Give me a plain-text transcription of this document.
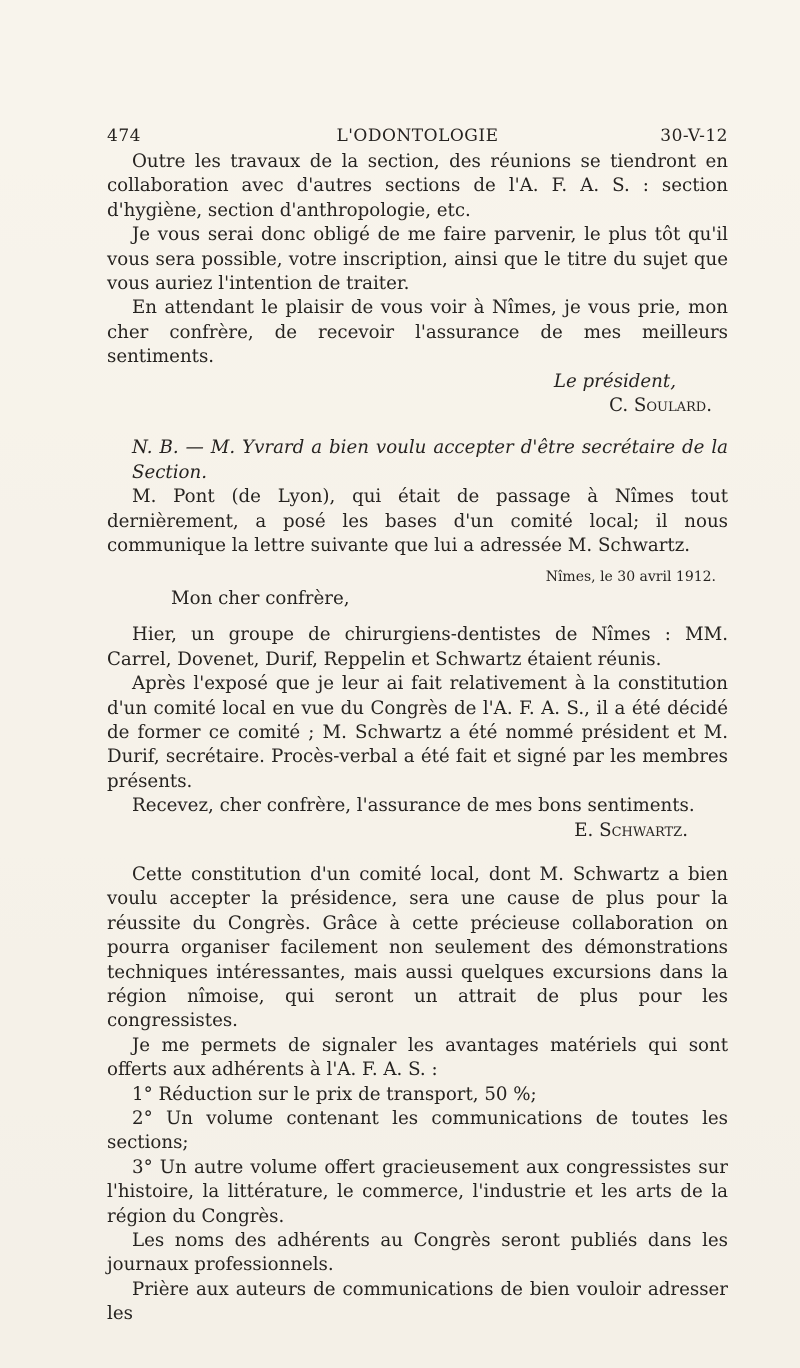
474	L'ODONTOLOGIE	30-V-12

Outre les travaux de la section, des réunions se tiendront en collaboration avec d'autres sections de l'A. F. A. S. : section d'hygiène, section d'anthropologie, etc.

Je vous serai donc obligé de me faire parvenir, le plus tôt qu'il vous sera possible, votre inscription, ainsi que le titre du sujet que vous auriez l'intention de traiter.

En attendant le plaisir de vous voir à Nîmes, je vous prie, mon cher confrère, de recevoir l'assurance de mes meilleurs sentiments.

Le président,

C. Soulard.

N. B. — M. Yvrard a bien voulu accepter d'être secrétaire de la Section.

M. Pont (de Lyon), qui était de passage à Nîmes tout dernièrement, a posé les bases d'un comité local; il nous communique la lettre suivante que lui a adressée M. Schwartz.

Nîmes, le 30 avril 1912.

Mon cher confrère,

Hier, un groupe de chirurgiens-dentistes de Nîmes : MM. Carrel, Dovenet, Durif, Reppelin et Schwartz étaient réunis.

Après l'exposé que je leur ai fait relativement à la constitution d'un comité local en vue du Congrès de l'A. F. A. S., il a été décidé de former ce comité ; M. Schwartz a été nommé président et M. Durif, secrétaire. Procès-verbal a été fait et signé par les membres présents.

Recevez, cher confrère, l'assurance de mes bons sentiments.

E. Schwartz.

Cette constitution d'un comité local, dont M. Schwartz a bien voulu accepter la présidence, sera une cause de plus pour la réussite du Congrès. Grâce à cette précieuse collaboration on pourra organiser facilement non seulement des démonstrations techniques intéressantes, mais aussi quelques excursions dans la région nîmoise, qui seront un attrait de plus pour les congressistes.

Je me permets de signaler les avantages matériels qui sont offerts aux adhérents à l'A. F. A. S. :

1° Réduction sur le prix de transport, 50 %;

2° Un volume contenant les communications de toutes les sections;

3° Un autre volume offert gracieusement aux congressistes sur l'histoire, la littérature, le commerce, l'industrie et les arts de la région du Congrès.

Les noms des adhérents au Congrès seront publiés dans les journaux professionnels.

Prière aux auteurs de communications de bien vouloir adresser les
